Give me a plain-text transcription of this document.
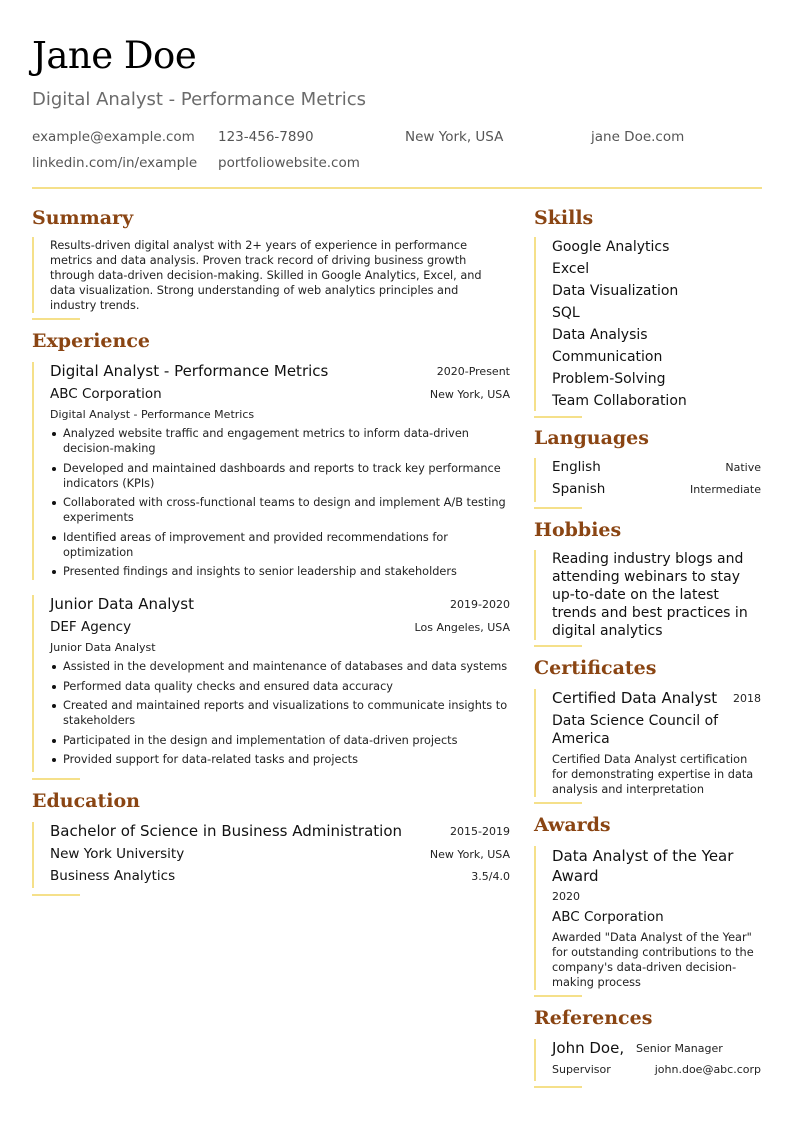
Jane Doe
Digital Analyst - Performance Metrics
example@example.com 123-456-7890	New York, USA	jane Doe.com
linkedin.com/in/example portfoliowebsite.com
Summary

Results-driven digital analyst with 2+ years of experience in performance metrics and data analysis. Proven track record of driving business growth through data-driven decision-making. Skilled in Google Analytics, Excel, and data visualization. Strong understanding of web analytics principles and industry trends.

Experience
Digital Analyst - Performance Metrics	2020-Present
ABC Corporation	New York, USA
Digital Analyst - Performance Metrics
Analyzed website traffic and engagement metrics to inform data-driven decision-making
Developed and maintained dashboards and reports to track key performance indicators (KPIs)
Collaborated with cross-functional teams to design and implement A/B testing experiments
Identified areas of improvement and provided recommendations for optimization
Presented findings and insights to senior leadership and stakeholders
Junior Data Analyst	2019-2020
DEF Agency	Los Angeles, USA
Junior Data Analyst
Assisted in the development and maintenance of databases and data systems
Performed data quality checks and ensured data accuracy
Created and maintained reports and visualizations to communicate insights to stakeholders
Participated in the design and implementation of data-driven projects
Provided support for data-related tasks and projects
Education
Bachelor of Science in Business Administration	2015-2019
New York University	New York, USA
Business Analytics	3.5/4.0
Skills
Google Analytics
Excel
Data Visualization
SQL
Data Analysis
Communication
Problem-Solving
Team Collaboration
Languages
English	Native
Spanish	Intermediate
Hobbies

Reading industry blogs and attending webinars to stay up-to-date on the latest trends and best practices in digital analytics

Certificates
Certified Data Analyst 2018

Data Science Council of America

Certified Data Analyst certification for demonstrating expertise in data analysis and interpretation

Awards

Data Analyst of the Year Award

2020
ABC Corporation

Awarded "Data Analyst of the Year" for outstanding contributions to the company's data-driven decision-making process

References
John Doe, Senior Manager
Supervisor	john.doe@abc.corp
